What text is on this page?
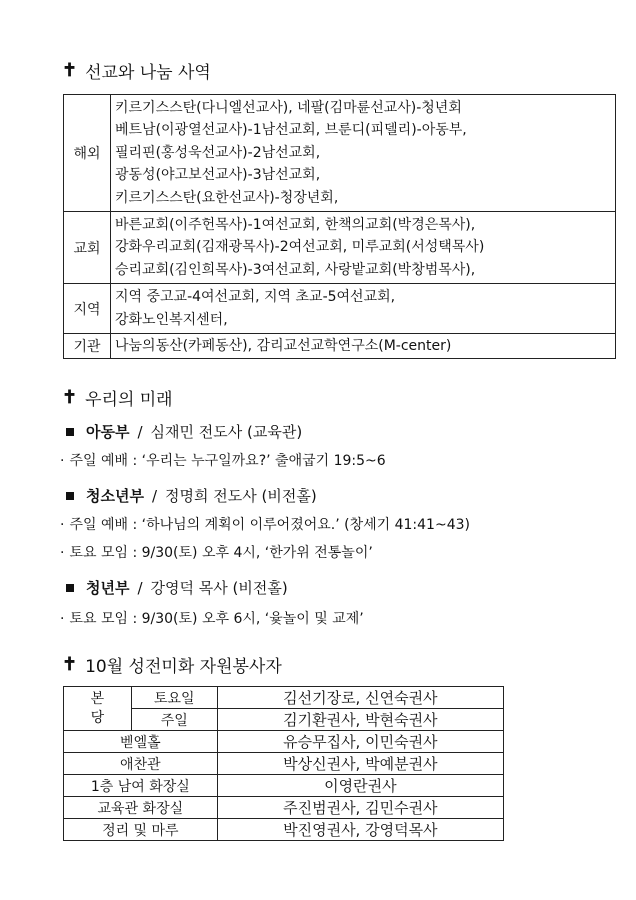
✝ 선교와 나눔 사역
해외	키르기스스탄(다니엘선교사), 네팔(김마륜선교사)-청년회
베트남(이광열선교사)-1남선교회, 브룬디(피델리)-아동부,
필리핀(홍성욱선교사)-2남선교회,
광동성(야고보선교사)-3남선교회,
키르기스스탄(요한선교사)-청장년회,

교회	바른교회(이주헌목사)-1여선교회, 한책의교회(박경은목사),
강화우리교회(김재광목사)-2여선교회, 미루교회(서성택목사)
승리교회(김인희목사)-3여선교회, 사랑밭교회(박창범목사),

지역	지역 중고교-4여선교회, 지역 초교-5여선교회,
강화노인복지센터,

기관	나눔의동산(카페동산), 감리교선교학연구소(M-center)
✝ 우리의 미래
아동부 / 심재민 전도사 (교육관)
· 주일 예배 : ‘우리는 누구일까요?’ 출애굽기 19:5~6
청소년부 / 정명희 전도사 (비전홀)
· 주일 예배 : ‘하나님의 계획이 이루어졌어요.’ (창세기 41:41~43)
· 토요 모임 : 9/30(토) 오후 4시, ‘한가위 전통놀이’
청년부 / 강영덕 목사 (비전홀)
· 토요 모임 : 9/30(토) 오후 6시, ‘윷놀이 및 교제’
✝ 10월 성전미화 자원봉사자
본
당	토요일	김선기장로, 신연숙권사
	주일	김기환권사, 박현숙권사
벧엘홀		유승무집사, 이민숙권사
애찬관		박상신권사, 박예분권사
1층 남여 화장실		이영란권사
교육관 화장실		주진범권사, 김민수권사
정리 및 마루		박진영권사, 강영덕목사
